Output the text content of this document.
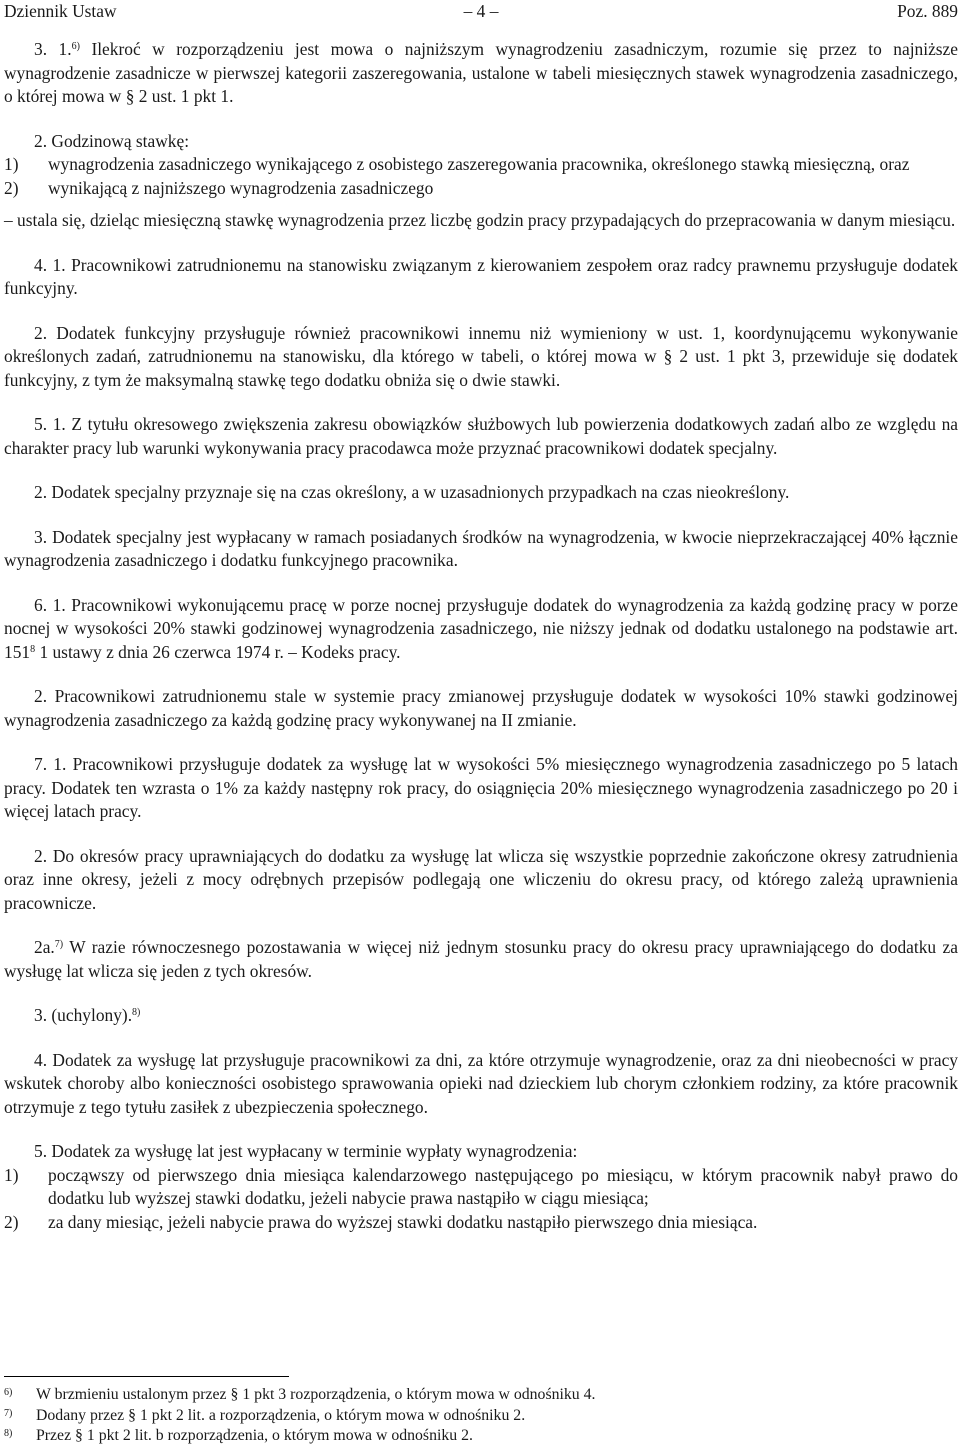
Dziennik Ustaw	– 4 –	Poz. 889

3. 1.$^{6)}$ Ilekroć w rozporządzeniu jest mowa o najniższym wynagrodzeniu zasadniczym, rozumie się przez to najniższe wynagrodzenie zasadnicze w pierwszej kategorii zaszeregowania, ustalone w tabeli miesięcznych stawek wynagrodzenia zasadniczego, o której mowa w § 2 ust. 1 pkt 1.

2. Godzinową stawkę:

1) wynagrodzenia zasadniczego wynikającego z osobistego zaszeregowania pracownika, określonego stawką miesięczną, oraz
2) wynikającą z najniższego wynagrodzenia zasadniczego

– ustala się, dzieląc miesięczną stawkę wynagrodzenia przez liczbę godzin pracy przypadających do przepracowania w danym miesiącu.

4. 1. Pracownikowi zatrudnionemu na stanowisku związanym z kierowaniem zespołem oraz radcy prawnemu przysługuje dodatek funkcyjny.

2. Dodatek funkcyjny przysługuje również pracownikowi innemu niż wymieniony w ust. 1, koordynującemu wykonywanie określonych zadań, zatrudnionemu na stanowisku, dla którego w tabeli, o której mowa w § 2 ust. 1 pkt 3, przewiduje się dodatek funkcyjny, z tym że maksymalną stawkę tego dodatku obniża się o dwie stawki.

5. 1. Z tytułu okresowego zwiększenia zakresu obowiązków służbowych lub powierzenia dodatkowych zadań albo ze względu na charakter pracy lub warunki wykonywania pracy pracodawca może przyznać pracownikowi dodatek specjalny.

2. Dodatek specjalny przyznaje się na czas określony, a w uzasadnionych przypadkach na czas nieokreślony.

3. Dodatek specjalny jest wypłacany w ramach posiadanych środków na wynagrodzenia, w kwocie nieprzekraczającej 40% łącznie wynagrodzenia zasadniczego i dodatku funkcyjnego pracownika.

6. 1. Pracownikowi wykonującemu pracę w porze nocnej przysługuje dodatek do wynagrodzenia za każdą godzinę pracy w porze nocnej w wysokości 20% stawki godzinowej wynagrodzenia zasadniczego, nie niższy jednak od dodatku ustalonego na podstawie art. $151^8$ 1 ustawy z dnia 26 czerwca 1974 r. – Kodeks pracy.

2. Pracownikowi zatrudnionemu stale w systemie pracy zmianowej przysługuje dodatek w wysokości 10% stawki godzinowej wynagrodzenia zasadniczego za każdą godzinę pracy wykonywanej na II zmianie.

7. 1. Pracownikowi przysługuje dodatek za wysługę lat w wysokości 5% miesięcznego wynagrodzenia zasadniczego po 5 latach pracy. Dodatek ten wzrasta o 1% za każdy następny rok pracy, do osiągnięcia 20% miesięcznego wynagrodzenia zasadniczego po 20 i więcej latach pracy.

2. Do okresów pracy uprawniających do dodatku za wysługę lat wlicza się wszystkie poprzednie zakończone okresy zatrudnienia oraz inne okresy, jeżeli z mocy odrębnych przepisów podlegają one wliczeniu do okresu pracy, od którego zależą uprawnienia pracownicze.

2a.$^{7)}$ W razie równoczesnego pozostawania w więcej niż jednym stosunku pracy do okresu pracy uprawniającego do dodatku za wysługę lat wlicza się jeden z tych okresów.

3. (uchylony).$^{8)}$

4. Dodatek za wysługę lat przysługuje pracownikowi za dni, za które otrzymuje wynagrodzenie, oraz za dni nieobecności w pracy wskutek choroby albo konieczności osobistego sprawowania opieki nad dzieckiem lub chorym członkiem rodziny, za które pracownik otrzymuje z tego tytułu zasiłek z ubezpieczenia społecznego.

5. Dodatek za wysługę lat jest wypłacany w terminie wypłaty wynagrodzenia:

1) począwszy od pierwszego dnia miesiąca kalendarzowego następującego po miesiącu, w którym pracownik nabył prawo do dodatku lub wyższej stawki dodatku, jeżeli nabycie prawa nastąpiło w ciągu miesiąca;
2) za dany miesiąc, jeżeli nabycie prawa do wyższej stawki dodatku nastąpiło pierwszego dnia miesiąca.
6) W brzmieniu ustalonym przez § 1 pkt 3 rozporządzenia, o którym mowa w odnośniku 4.
7) Dodany przez § 1 pkt 2 lit. a rozporządzenia, o którym mowa w odnośniku 2.
8) Przez § 1 pkt 2 lit. b rozporządzenia, o którym mowa w odnośniku 2.
